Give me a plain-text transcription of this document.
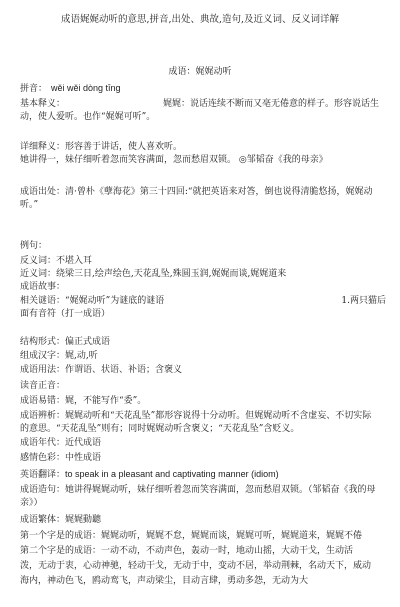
成语娓娓动听的意思,拼音,出处、典故,造句,及近义词、反义词详解
成语：娓娓动听
拼音： wěi wěi dòng tīng
基本释义：	娓娓：说话连续不断而又亳无倦意的样子。形容说话生
动，使人爱听。也作“娓娓可听”。
详细释义：形容善于讲话，使人喜欢听。
她讲得一，妹仔细听着忽而笑容满面，忽而愁眉双锁。 ◎邹韬奋《我的母亲》
成语出处：清·曾朴《孽海花》第三十四回:“就把英语来对答，倒也说得清脆悠扬，娓娓动
听。”
例句：
反义词：不堪入耳
近义词：绕梁三日,绘声绘色,天花乱坠,殊圆玉润,娓娓而谈,娓娓道来
成语故事：
相关谜语：“娓娓动听”为谜底的谜语	1.两只猫后
面有音符（打一成语）
结构形式：偏正式成语
组成汉字：娓,动,听
成语用法：作谓语、状语、补语；含褒义
读音正音：
成语易错：娓，不能写作“委”。
成语辨析：娓娓动听和“天花乱坠”都形容说得十分动听。但娓娓动听不含虚妄、不切实际
的意思。“天花乱坠”则有；同时娓娓动听含褒义；“天花乱坠”含贬义。
成语年代：近代成语
感情色彩：中性成语
英语翻译：to speak in a pleasant and captivating manner (idiom)
成语造句：她讲得娓娓动听，妹仔细听着忽而笑容满面，忽而愁眉双锁。（邹韬奋《我的母
亲》）
成语繁体：娓娓動聽
第一个字是的成语：娓娓动听，娓娓不怠，娓娓而谈，娓娓可听，娓娓道来，娓娓不倦
第二个字是的成语：一动不动，不动声色，轰动一时，地动山摇，大动干戈，生动活
泼，无动于衷，心动神驰，轻动干戈，无动于中，变动不居，举动荆棘，名动天下，威动
海内，神动色飞，鸥动鸾飞，声动梁尘，目动言肆，勇动多怨，无动为大
